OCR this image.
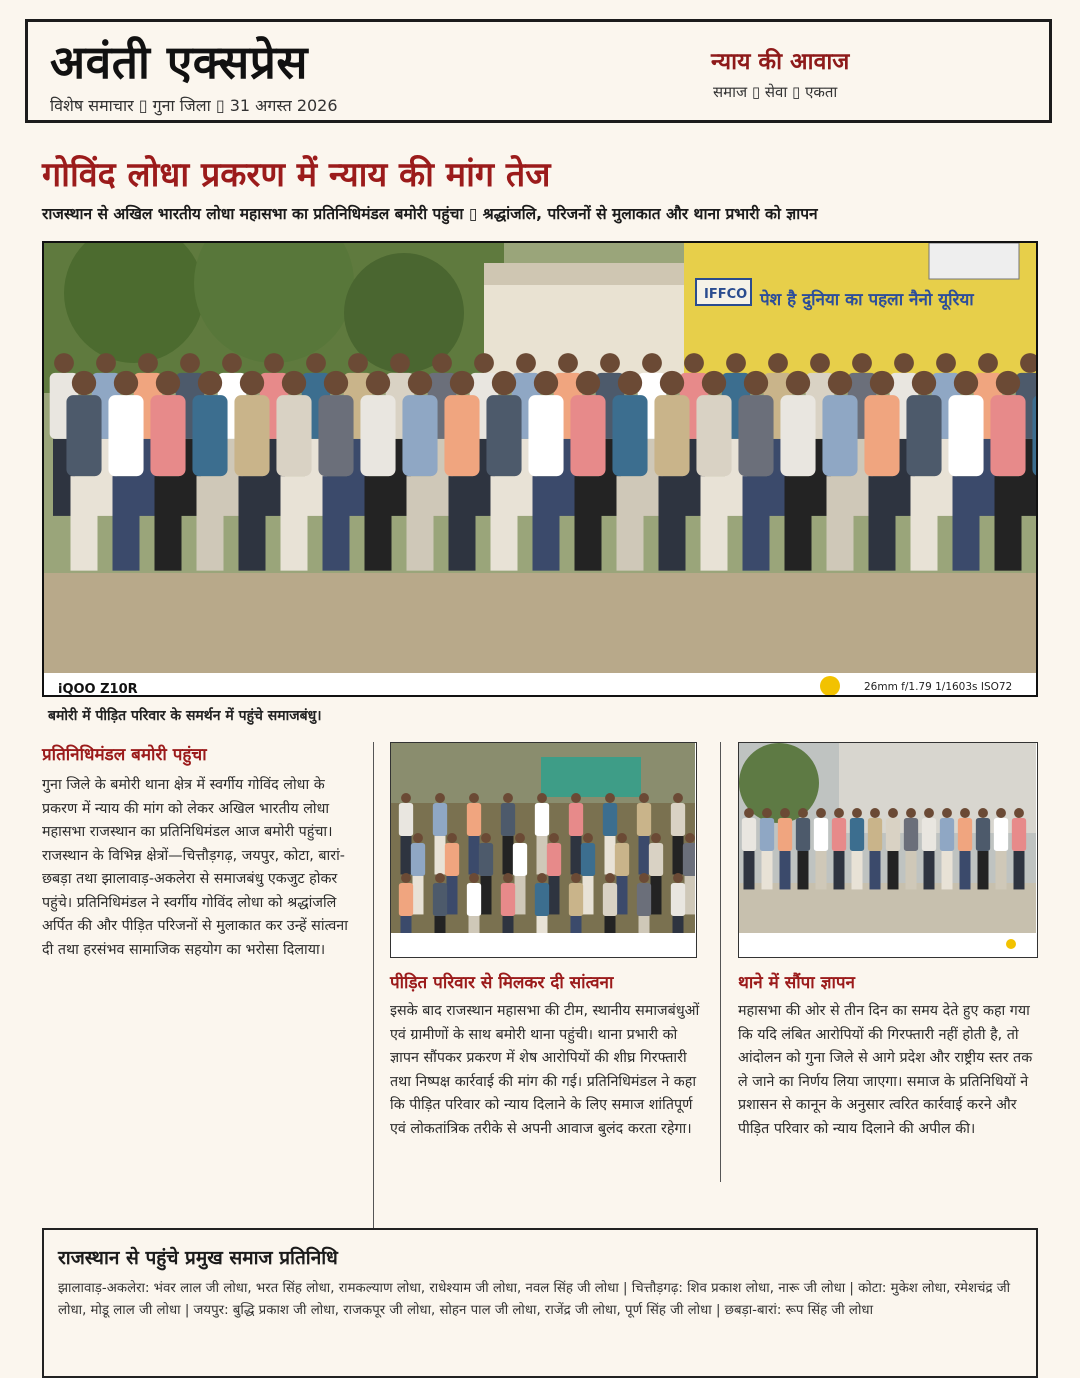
अवंती एक्सप्रेस
विशेष समाचार ▯ गुना जिला ▯ 31 अगस्त 2026
न्याय की आवाज
समाज ▯ सेवा ▯ एकता
गोविंद लोधा प्रकरण में न्याय की मांग तेज
राजस्थान से अखिल भारतीय लोधा महासभा का प्रतिनिधिमंडल बमोरी पहुंचा ▯ श्रद्धांजलि, परिजनों से मुलाकात और थाना प्रभारी को ज्ञापन
IFFCO पेश है दुनिया का पहला नैनो यूरिया
iQOO Z10R	26mm f/1.79 1/1603s ISO72
बमोरी में पीड़ित परिवार के समर्थन में पहुंचे समाजबंधु।
प्रतिनिधिमंडल बमोरी पहुंचा
गुना जिले के बमोरी थाना क्षेत्र में स्वर्गीय गोविंद लोधा के प्रकरण में न्याय की मांग को लेकर अखिल भारतीय लोधा महासभा राजस्थान का प्रतिनिधिमंडल आज बमोरी पहुंचा। राजस्थान के विभिन्न क्षेत्रों—चित्तौड़गढ़, जयपुर, कोटा, बारां-छबड़ा तथा झालावाड़-अकलेरा से समाजबंधु एकजुट होकर पहुंचे। प्रतिनिधिमंडल ने स्वर्गीय गोविंद लोधा को श्रद्धांजलि अर्पित की और पीड़ित परिजनों से मुलाकात कर उन्हें सांत्वना दी तथा हरसंभव सामाजिक सहयोग का भरोसा दिलाया।
पीड़ित परिवार से मिलकर दी सांत्वना
इसके बाद राजस्थान महासभा की टीम, स्थानीय समाजबंधुओं एवं ग्रामीणों के साथ बमोरी थाना पहुंची। थाना प्रभारी को ज्ञापन सौंपकर प्रकरण में शेष आरोपियों की शीघ्र गिरफ्तारी तथा निष्पक्ष कार्रवाई की मांग की गई। प्रतिनिधिमंडल ने कहा कि पीड़ित परिवार को न्याय दिलाने के लिए समाज शांतिपूर्ण एवं लोकतांत्रिक तरीके से अपनी आवाज बुलंद करता रहेगा।
थाने में सौंपा ज्ञापन
महासभा की ओर से तीन दिन का समय देते हुए कहा गया कि यदि लंबित आरोपियों की गिरफ्तारी नहीं होती है, तो आंदोलन को गुना जिले से आगे प्रदेश और राष्ट्रीय स्तर तक ले जाने का निर्णय लिया जाएगा। समाज के प्रतिनिधियों ने प्रशासन से कानून के अनुसार त्वरित कार्रवाई करने और पीड़ित परिवार को न्याय दिलाने की अपील की।
राजस्थान से पहुंचे प्रमुख समाज प्रतिनिधि
झालावाड़-अकलेरा: भंवर लाल जी लोधा, भरत सिंह लोधा, रामकल्याण लोधा, राधेश्याम जी लोधा, नवल सिंह जी लोधा | चित्तौड़गढ़: शिव प्रकाश लोधा, नारू जी लोधा | कोटा: मुकेश लोधा, रमेशचंद्र जी लोधा, मोडू लाल जी लोधा | जयपुर: बुद्धि प्रकाश जी लोधा, राजकपूर जी लोधा, सोहन पाल जी लोधा, राजेंद्र जी लोधा, पूर्ण सिंह जी लोधा | छबड़ा-बारां: रूप सिंह जी लोधा
